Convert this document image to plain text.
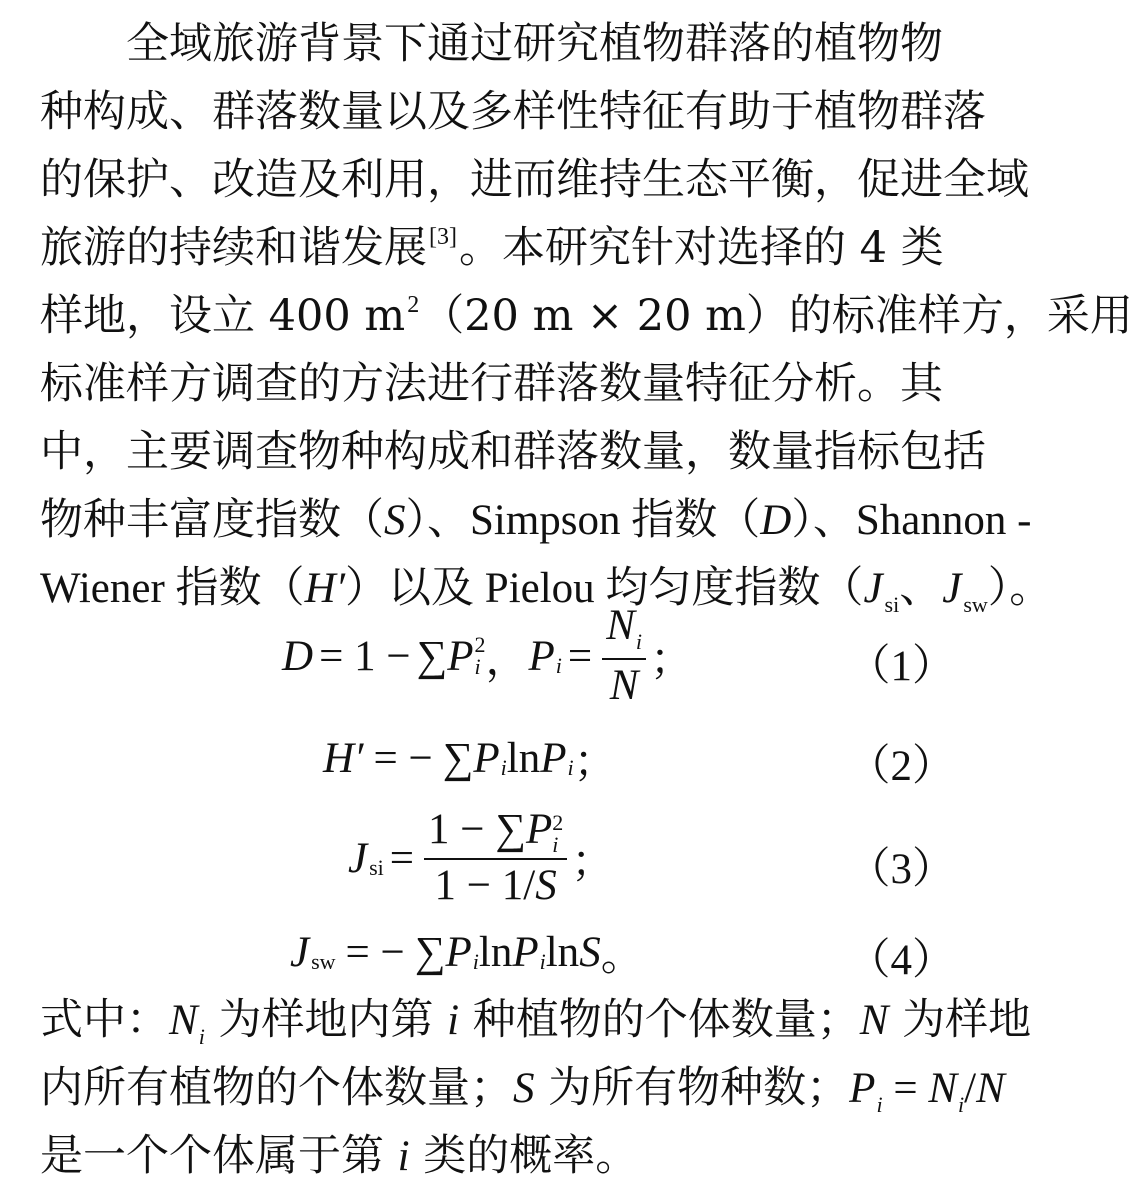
全域旅游背景下通过研究植物群落的植物物
种构成、群落数量以及多样性特征有助于植物群落
的保护、改造及利用，进而维持生态平衡，促进全域
旅游的持续和谐发展[3]。本研究针对选择的 4 类
样地，设立 400 $m^2(20$ m × 20 m）的标准样方，采用
标准样方调查的方法进行群落数量特征分析。其
中，主要调查物种构成和群落数量，数量指标包括
物种丰富度指数（S）、Simpson 指数（D）、Shannon -
Wiener 指数（H′）以及 Pielou 均匀度指数（$J_{si}$、$J_{sw}$）。
D = 1 − ∑ P 2
i ， P $i = \frac{N_i}{N}$ ；	（1）
H′ = − ∑ P i ln P i ；	（2）
J si = 1 − ∑P 2
i
1 − 1/S ；	（3）
J sw = − ∑ P i ln P i ln S 。	（4）
式中：$N_i$ 为样地内第 i 种植物的个体数量；N 为样地
内所有植物的个体数量；S 为所有物种数；$P_i = N_i/N$
是一个个体属于第 i 类的概率。
